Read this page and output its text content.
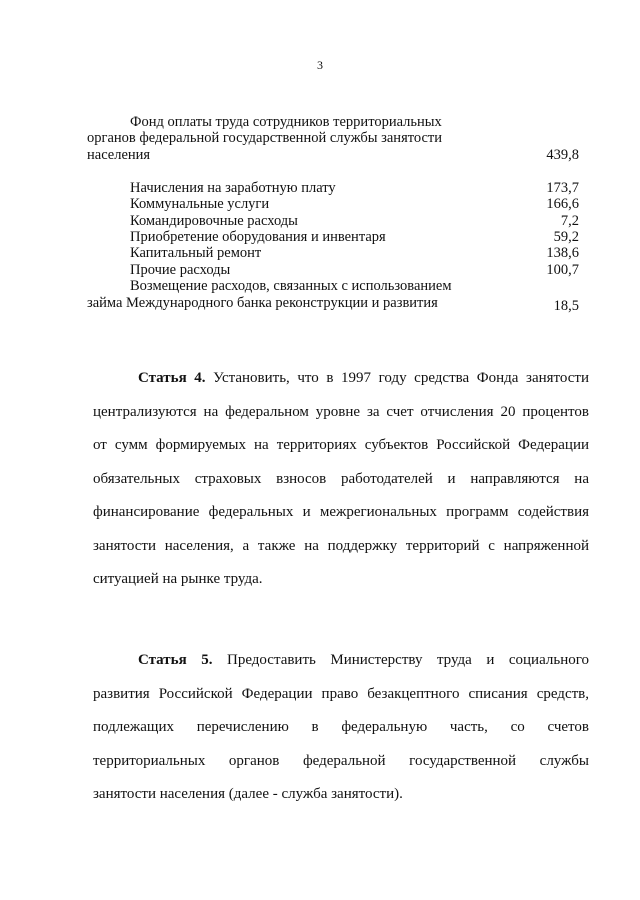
3
Фонд оплаты труда сотрудников территориальных
органов федеральной государственной службы занятости
населения	439,8
Начисления на заработную плату	173,7
Коммунальные услуги	166,6
Командировочные расходы	7,2
Приобретение оборудования и инвентаря	59,2
Капитальный ремонт	138,6
Прочие расходы	100,7
Возмещение расходов, связанных с использованием
займа Международного банка реконструкции и развития	18,5
Статья 4. Установить, что в 1997 году средства Фонда занятости
централизуются на федеральном уровне за счет отчисления 20 процентов
от сумм формируемых на территориях субъектов Российской Федерации
обязательных страховых взносов работодателей и направляются на
финансирование федеральных и межрегиональных программ содействия
занятости населения, а также на поддержку территорий с напряженной
ситуацией на рынке труда.
Статья 5. Предоставить Министерству труда и социального
развития Российской Федерации право безакцептного списания средств,
подлежащих перечислению в федеральную часть, со счетов
территориальных органов федеральной государственной службы
занятости населения (далее - служба занятости).
